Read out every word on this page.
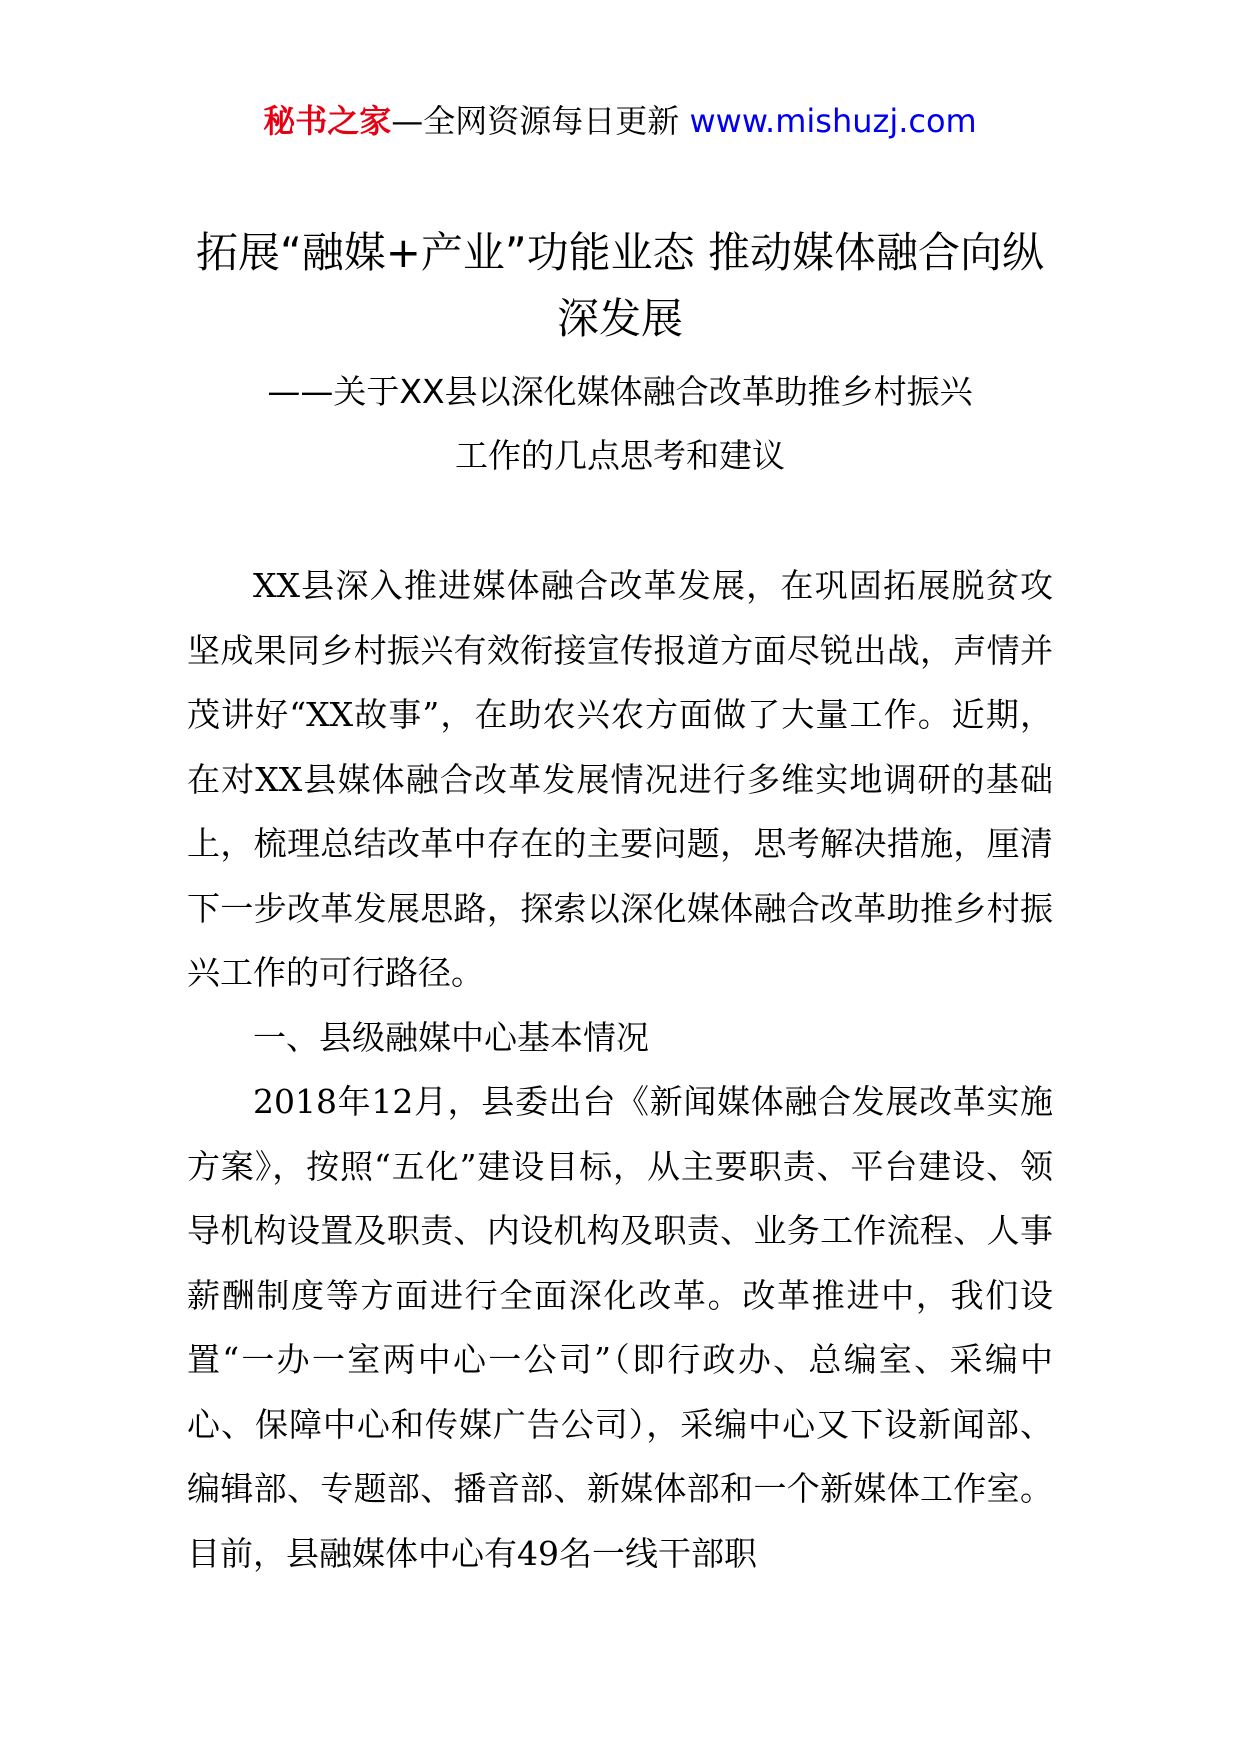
秘书之家—全网资源每日更新 www.mishuzj.com
拓展“融媒+产业”功能业态 推动媒体融合向纵深发展
——关于XX县以深化媒体融合改革助推乡村振兴
工作的几点思考和建议

XX县深入推进媒体融合改革发展，在巩固拓展脱贫攻坚成果同乡村振兴有效衔接宣传报道方面尽锐出战，声情并茂讲好“XX故事”，在助农兴农方面做了大量工作。近期，在对XX县媒体融合改革发展情况进行多维实地调研的基础上，梳理总结改革中存在的主要问题，思考解决措施，厘清下一步改革发展思路，探索以深化媒体融合改革助推乡村振兴工作的可行路径。

一、县级融媒中心基本情况

2018年12月，县委出台《新闻媒体融合发展改革实施方案》，按照“五化”建设目标，从主要职责、平台建设、领导机构设置及职责、内设机构及职责、业务工作流程、人事薪酬制度等方面进行全面深化改革。改革推进中，我们设置“一办一室两中心一公司”（即行政办、总编室、采编中心、保障中心和传媒广告公司），采编中心又下设新闻部、编辑部、专题部、播音部、新媒体部和一个新媒体工作室。目前，县融媒体中心有49名一线干部职
